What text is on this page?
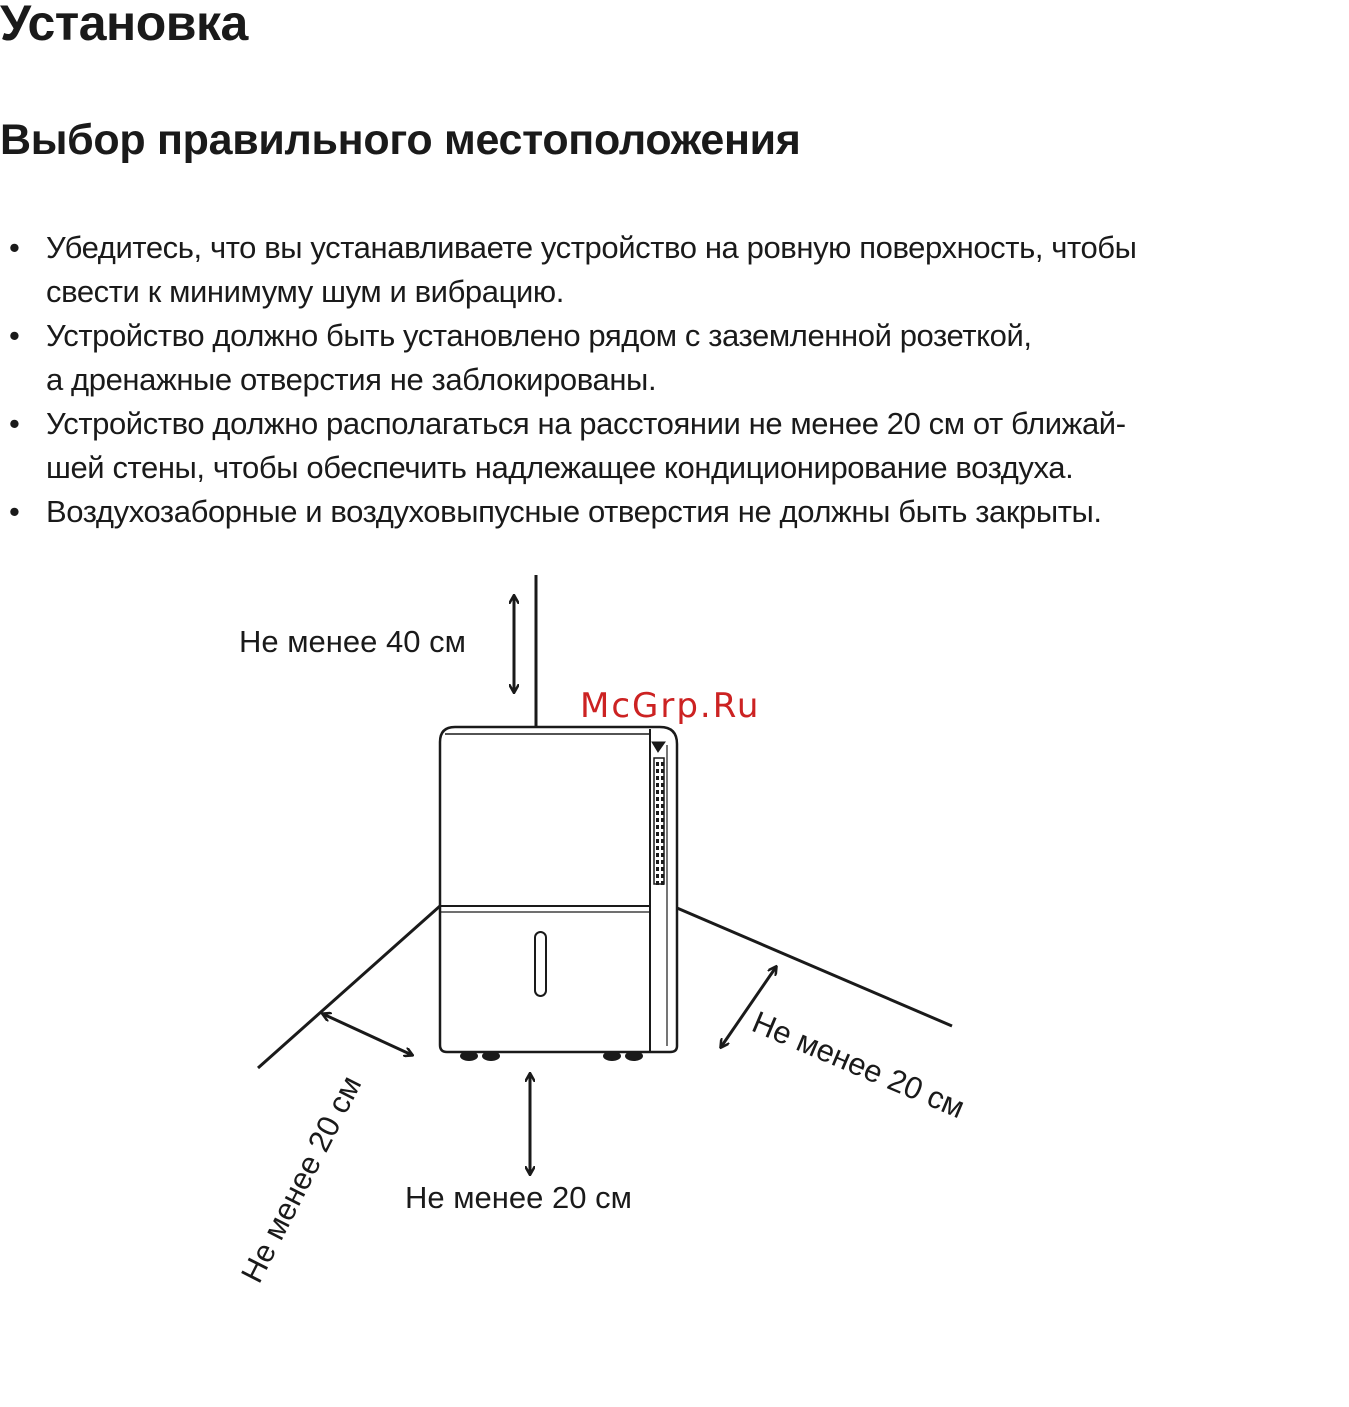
Установка
Выбор правильного местоположения
• Убедитесь, что вы устанавливаете устройство на ровную поверхность, чтобы
свести к минимуму шум и вибрацию.
• Устройство должно быть установлено рядом с заземленной розеткой,
а дренажные отверстия не заблокированы.
• Устройство должно располагаться на расстоянии не менее 20 см от ближай-
шей стены, чтобы обеспечить надлежащее кондиционирование воздуха.
• Воздухозаборные и воздуховыпусные отверстия не должны быть закрыты.
Не менее 40 см
Не менее 20 см
Не менее 20 см
Не менее 20 см
McGrp.Ru
